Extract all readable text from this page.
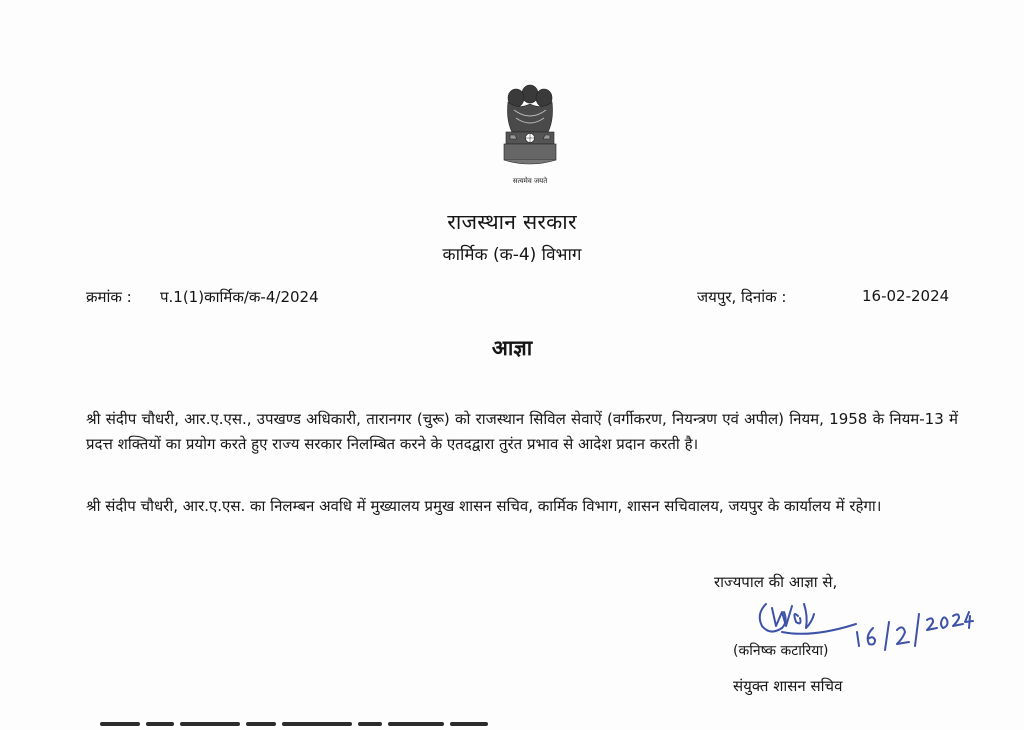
सत्यमेव जयते
राजस्थान सरकार
कार्मिक (क-4) विभाग
क्रमांक : प.1(1)कार्मिक/क-4/2024	जयपुर, दिनांक :	16-02-2024
आज्ञा
श्री संदीप चौधरी, आर.ए.एस., उपखण्ड अधिकारी, तारानगर (चुरू) को राजस्थान सिविल सेवाऐं (वर्गीकरण, नियन्त्रण एवं अपील) नियम, 1958 के नियम-13 में प्रदत्त शक्तियों का प्रयोग करते हुए राज्य सरकार निलम्बित करने के एतदद्वारा तुरंत प्रभाव से आदेश प्रदान करती है।
श्री संदीप चौधरी, आर.ए.एस. का निलम्बन अवधि में मुख्यालय प्रमुख शासन सचिव, कार्मिक विभाग, शासन सचिवालय, जयपुर के कार्यालय में रहेगा।
राज्यपाल की आज्ञा से,
(कनिष्क कटारिया)
संयुक्त शासन सचिव
